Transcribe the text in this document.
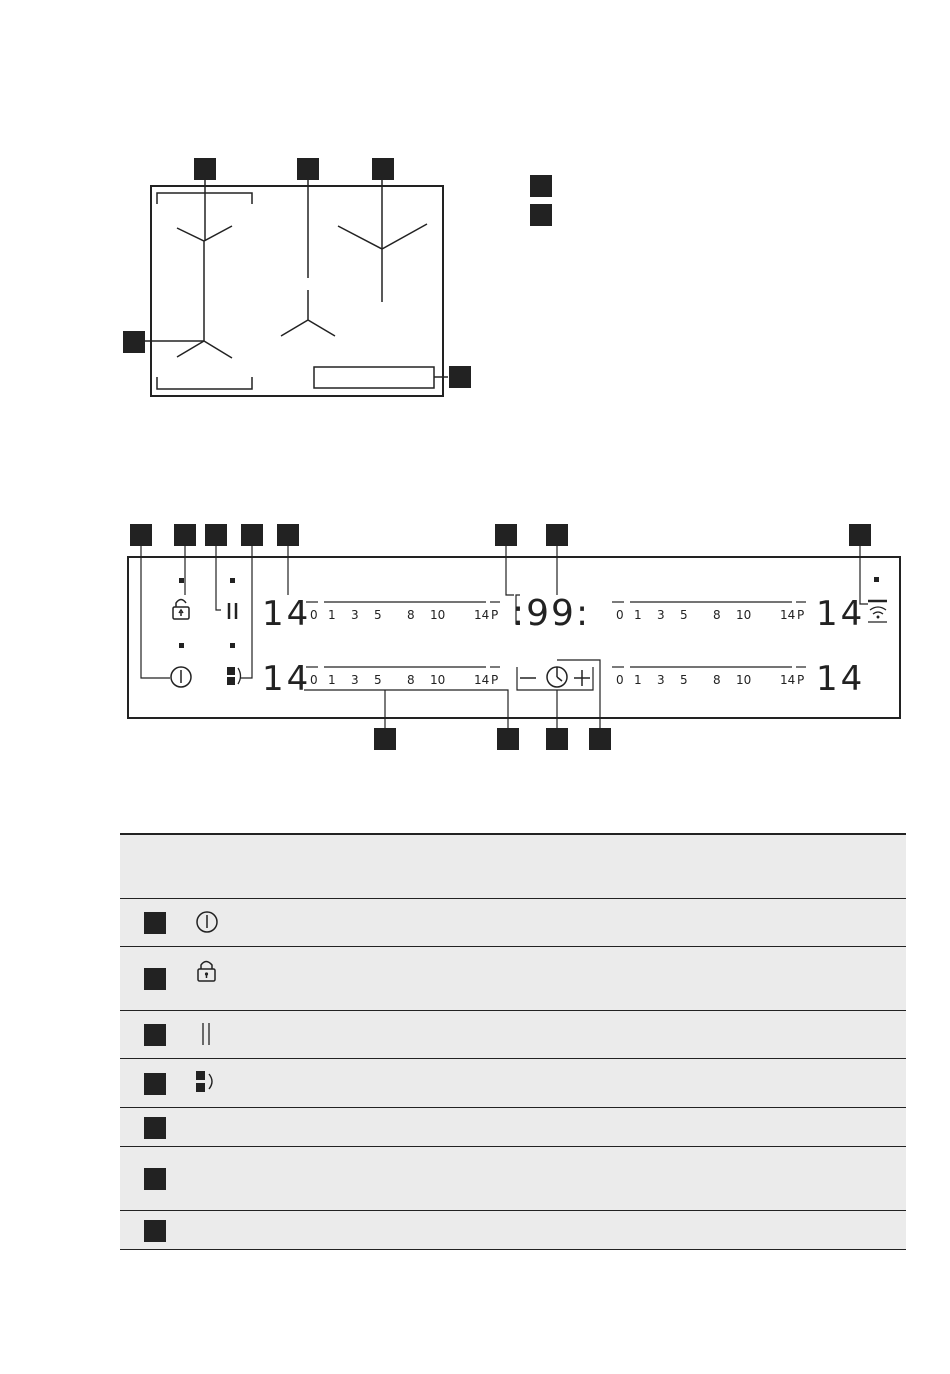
:99:
0 1 3 5 8 10 14 P
14
0 1 3 5 8 10 14 P
14
0 1 3 5 8 10 14 P 14
0 1 3 5 8 10 14 P 14
